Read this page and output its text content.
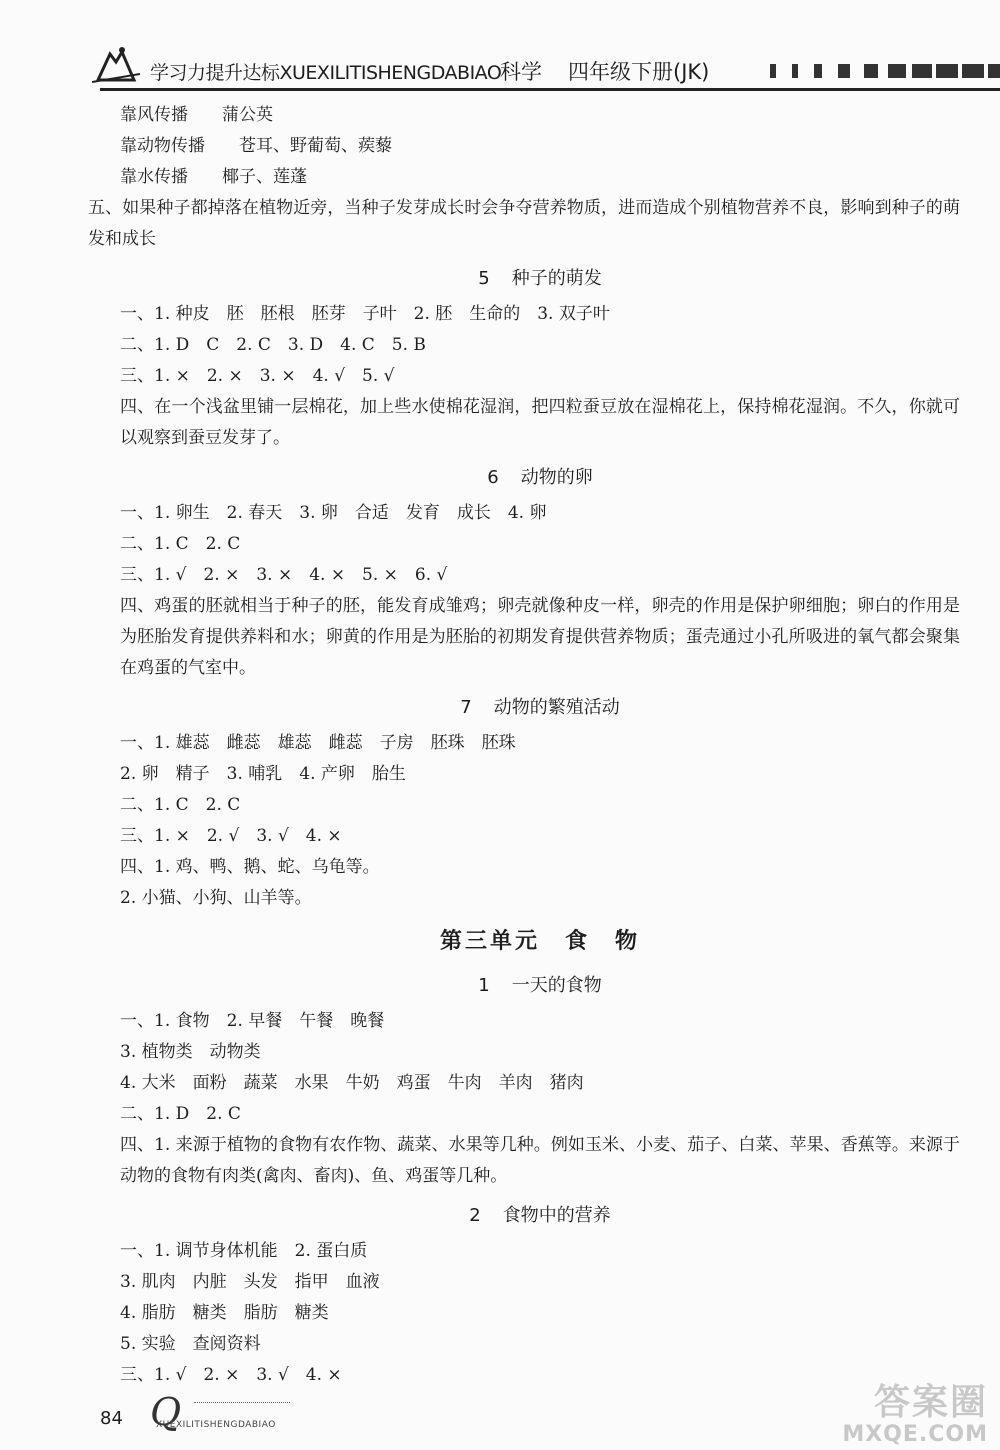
学习力提升达标XUEXILITISHENGDABIAO
科学 四年级下册(JK)
靠风传播　　蒲公英
靠动物传播　　苍耳、野葡萄、蒺藜
靠水传播　　椰子、莲蓬
五、如果种子都掉落在植物近旁，当种子发芽成长时会争夺营养物质，进而造成个别植物营养不良，影响到种子的萌发和成长
5 种子的萌发
一、1. 种皮　胚　胚根　胚芽　子叶　2. 胚　生命的　3. 双子叶
二、1. D　C　2. C　3. D　4. C　5. B
三、1. ×　2. ×　3. ×　4. √　5. √
四、在一个浅盆里铺一层棉花，加上些水使棉花湿润，把四粒蚕豆放在湿棉花上，保持棉花湿润。不久，你就可以观察到蚕豆发芽了。
6 动物的卵
一、1. 卵生　2. 春天　3. 卵　合适　发育　成长　4. 卵
二、1. C　2. C
三、1. √　2. ×　3. ×　4. ×　5. ×　6. √
四、鸡蛋的胚就相当于种子的胚，能发育成雏鸡；卵壳就像种皮一样，卵壳的作用是保护卵细胞；卵白的作用是为胚胎发育提供养料和水；卵黄的作用是为胚胎的初期发育提供营养物质；蛋壳通过小孔所吸进的氧气都会聚集在鸡蛋的气室中。
7 动物的繁殖活动
一、1. 雄蕊　雌蕊　雄蕊　雌蕊　子房　胚珠　胚珠
2. 卵　精子　3. 哺乳　4. 产卵　胎生
二、1. C　2. C
三、1. ×　2. √　3. √　4. ×
四、1. 鸡、鸭、鹅、蛇、乌龟等。
2. 小猫、小狗、山羊等。
第三单元　食　物
1 一天的食物
一、1. 食物　2. 早餐　午餐　晚餐
3. 植物类　动物类
4. 大米　面粉　蔬菜　水果　牛奶　鸡蛋　牛肉　羊肉　猪肉
二、1. D　2. C
四、1. 来源于植物的食物有农作物、蔬菜、水果等几种。例如玉米、小麦、茄子、白菜、苹果、香蕉等。来源于动物的食物有肉类(禽肉、畜肉)、鱼、鸡蛋等几种。
2 食物中的营养
一、1. 调节身体机能　2. 蛋白质
3. 肌肉　内脏　头发　指甲　血液
4. 脂肪　糖类　脂肪　糖类
5. 实验　查阅资料
三、1. √　2. ×　3. √　4. ×
84 Q
XUEXILITISHENGDABIAO
答案圈
MXQE.COM
